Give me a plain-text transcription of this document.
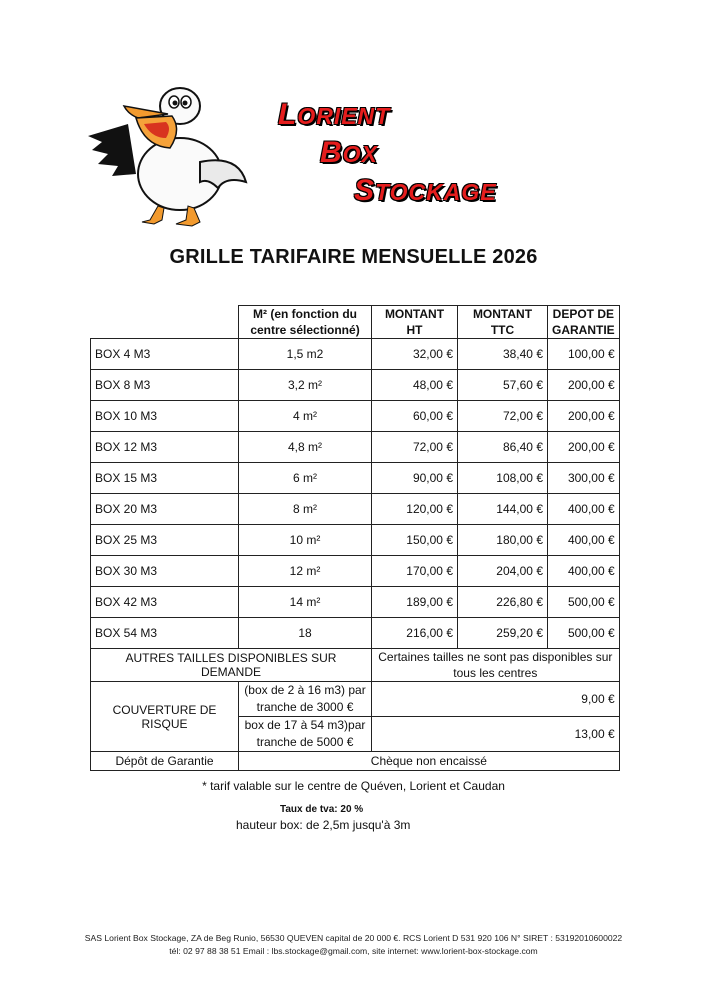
LORIENT
BOX
STOCKAGE
GRILLE TARIFAIRE MENSUELLE 2026
	M² (en fonction du centre sélectionné)	MONTANT HT	MONTANT TTC	DEPOT DE GARANTIE
BOX 4 M3	1,5 m2	32,00 €	38,40 €	100,00 €
BOX 8 M3	3,2 m²	48,00 €	57,60 €	200,00 €
BOX 10 M3	4 m²	60,00 €	72,00 €	200,00 €
BOX 12 M3	4,8 m²	72,00 €	86,40 €	200,00 €
BOX 15 M3	6 m²	90,00 €	108,00 €	300,00 €
BOX 20 M3	8 m²	120,00 €	144,00 €	400,00 €
BOX 25 M3	10 m²	150,00 €	180,00 €	400,00 €
BOX 30 M3	12 m²	170,00 €	204,00 €	400,00 €
BOX 42 M3	14 m²	189,00 €	226,80 €	500,00 €
BOX 54 M3	18	216,00 €	259,20 €	500,00 €
AUTRES TAILLES DISPONIBLES SUR DEMANDE		Certaines tailles ne sont pas disponibles sur tous les centres		
COUVERTURE DE RISQUE	(box de 2 à 16 m3) par tranche de 3000 €	9,00 €		
	box de 17 à 54 m3)par tranche de 5000 €	13,00 €		
Dépôt de Garantie	Chèque non encaissé			
* tarif valable sur le centre de Quéven, Lorient et Caudan
Taux de tva: 20 %
hauteur box: de 2,5m jusqu'à 3m
SAS Lorient Box Stockage, ZA de Beg Runio, 56530 QUEVEN capital de 20 000 €. RCS Lorient D 531 920 106 N° SIRET : 53192010600022
tél: 02 97 88 38 51 Email : lbs.stockage@gmail.com, site internet: www.lorient-box-stockage.com
